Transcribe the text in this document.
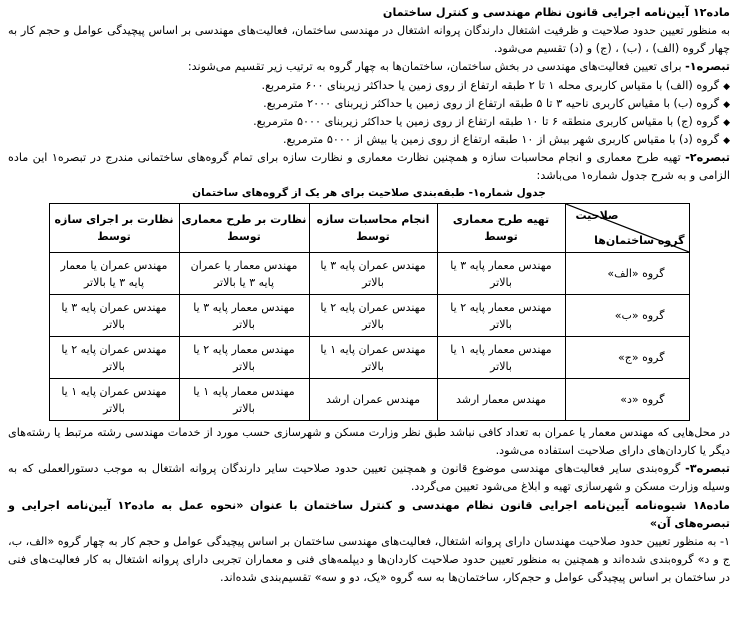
ماده۱۲ آیین‌نامه اجرایی قانون نظام مهندسی و کنترل ساختمان

به منظور تعیین حدود صلاحیت و ظرفیت اشتغال دارندگان پروانه اشتغال در مهندسی ساختمان، فعالیت‌های مهندسی بر اساس پیچیدگی عوامل و حجم کار به چهار گروه (الف) ، (ب) ، (ج) و (د) تقسیم می‌شود.

تبصره۱- برای تعیین فعالیت‌های مهندسی در بخش ساختمان، ساختمان‌ها به چهار گروه به ترتیب زیر تقسیم می‌شوند:

◆گروه (الف) با مقیاس کاربری محله ۱ تا ۲ طبقه ارتفاع از روی زمین یا حداکثر زیربنای ۶۰۰ مترمربع.
◆گروه (ب) با مقیاس کاربری ناحیه ۳ تا ۵ طبقه ارتفاع از روی زمین یا حداکثر زیربنای ۲۰۰۰ مترمربع.
◆گروه (ج) با مقیاس کاربری منطقه ۶ تا ۱۰ طبقه ارتفاع از روی زمین یا حداکثر زیربنای ۵۰۰۰ مترمربع.
◆گروه (د) با مقیاس کاربری شهر بیش از ۱۰ طبقه ارتفاع از روی زمین یا بیش از ۵۰۰۰ مترمربع.

تبصره۲- تهیه طرح معماری و انجام محاسبات سازه و همچنین نظارت معماری و نظارت سازه برای تمام گروه‌های ساختمانی مندرج در تبصره۱ این ماده الزامی و به شرح جدول شماره۱ می‌باشد:

جدول شماره۱- طبقه‌بندی صلاحیت برای هر یک از گروه‌های ساختمان
صلاحیت
گروه ساختمان‌ها	تهیه طرح معماری توسط	انجام محاسبات سازه توسط	نظارت بر طرح معماری توسط	نظارت بر اجرای سازه توسط
گروه «الف»	مهندس معمار پایه ۳ یا بالاتر	مهندس عمران پایه ۳ یا بالاتر	مهندس معمار یا عمران پایه ۳ یا بالاتر	مهندس عمران یا معمار پایه ۳ یا بالاتر
گروه «ب»	مهندس معمار پایه ۲ یا بالاتر	مهندس عمران پایه ۲ یا بالاتر	مهندس معمار پایه ۳ یا بالاتر	مهندس عمران پایه ۳ یا بالاتر
گروه «ج»	مهندس معمار پایه ۱ یا بالاتر	مهندس عمران پایه ۱ یا بالاتر	مهندس معمار پایه ۲ یا بالاتر	مهندس عمران پایه ۲ یا بالاتر
گروه «د»	مهندس معمار ارشد	مهندس عمران ارشد	مهندس معمار پایه ۱ یا بالاتر	مهندس عمران پایه ۱ یا بالاتر

در محل‌هایی که مهندس معمار یا عمران به تعداد کافی نباشد طبق نظر وزارت مسکن و شهرسازی حسب مورد از خدمات مهندسی رشته مرتبط یا رشته‌های دیگر یا کاردان‌های دارای صلاحیت استفاده می‌شود.

تبصره۳- گروه‌بندی سایر فعالیت‌های مهندسی موضوع قانون و همچنین تعیین حدود صلاحیت سایر دارندگان پروانه اشتغال به موجب دستورالعملی که به وسیله وزارت مسکن و شهرسازی تهیه و ابلاغ می‌شود تعیین می‌گردد.

ماده۱۸ شیوه‌نامه آیین‌نامه اجرایی قانون نظام مهندسی و کنترل ساختمان با عنوان «نحوه عمل به ماده۱۲ آیین‌نامه اجرایی و تبصره‌های آن»

۱- به منظور تعیین حدود صلاحیت مهندسان دارای پروانه اشتغال، فعالیت‌های مهندسی ساختمان بر اساس پیچیدگی عوامل و حجم کار به چهار گروه «الف، ب، ج و د» گروه‌بندی شده‌اند و همچنین به منظور تعیین حدود صلاحیت کاردان‌ها و دیپلمه‌های فنی و معماران تجربی دارای پروانه اشتغال به کار فعالیت‌های فنی در ساختمان بر اساس پیچیدگی عوامل و حجم‌کار، ساختمان‌ها به سه گروه «یک، دو و سه» تقسیم‌بندی شده‌اند.
